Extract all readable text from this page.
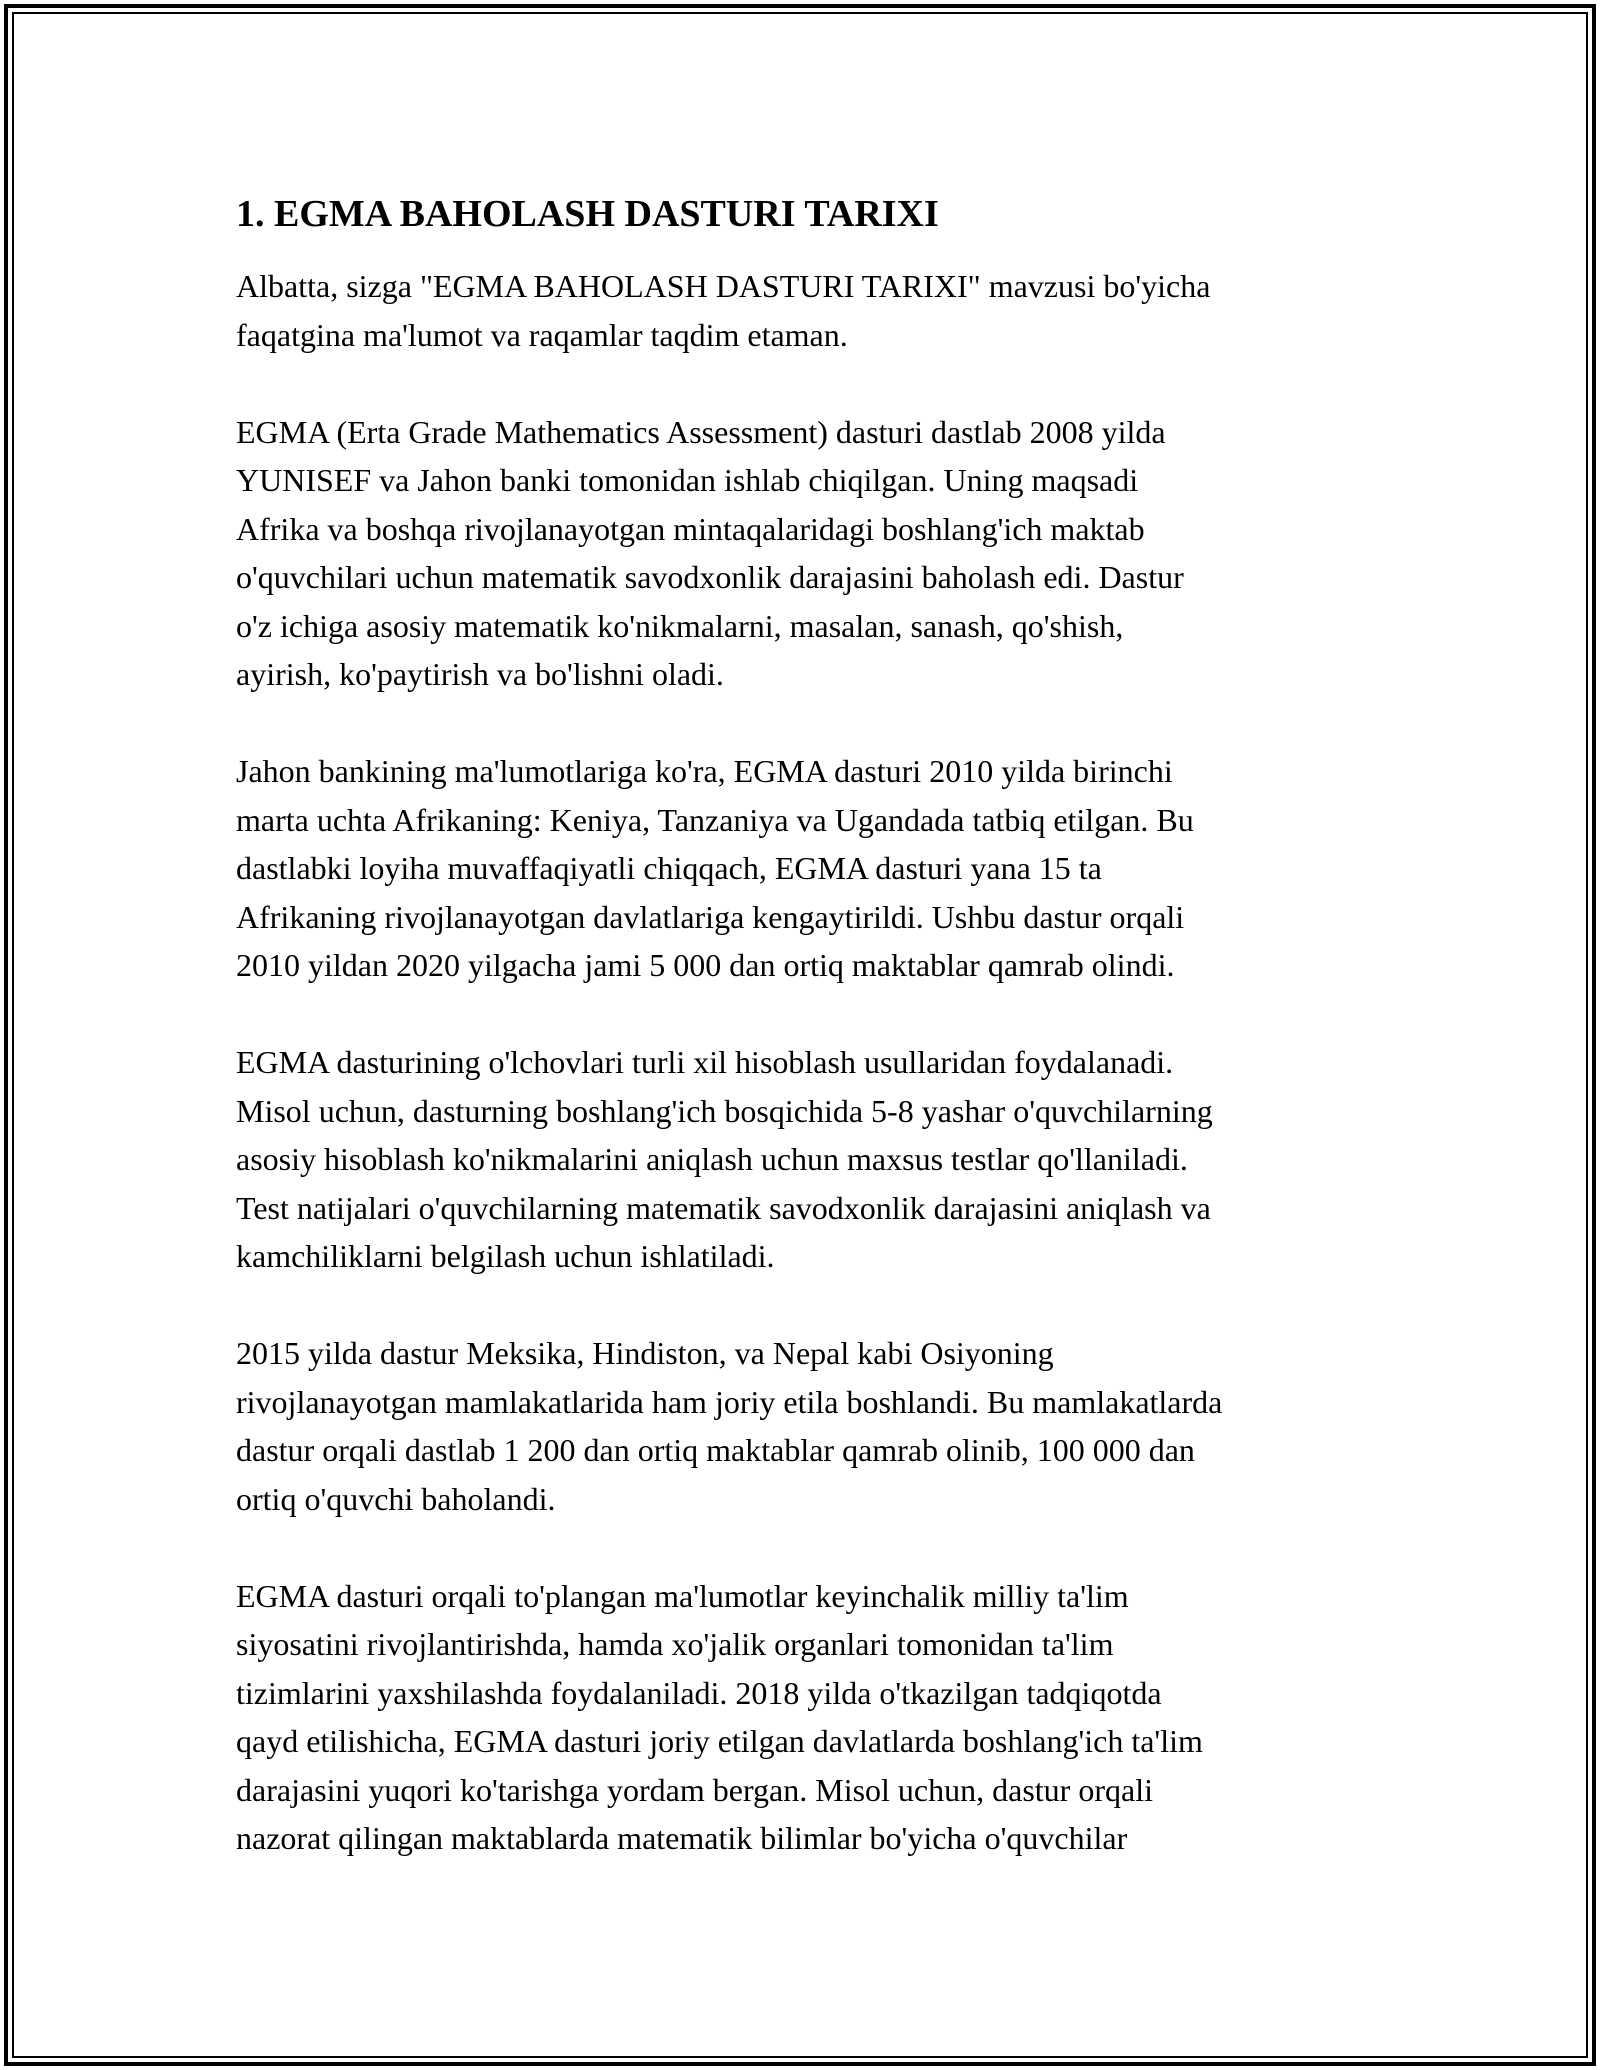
1. EGMA BAHOLASH DASTURI TARIXI

Albatta, sizga "EGMA BAHOLASH DASTURI TARIXI" mavzusi bo'yicha
faqatgina ma'lumot va raqamlar taqdim etaman.

EGMA (Erta Grade Mathematics Assessment) dasturi dastlab 2008 yilda
YUNISEF va Jahon banki tomonidan ishlab chiqilgan. Uning maqsadi
Afrika va boshqa rivojlanayotgan mintaqalaridagi boshlang'ich maktab
o'quvchilari uchun matematik savodxonlik darajasini baholash edi. Dastur
o'z ichiga asosiy matematik ko'nikmalarni, masalan, sanash, qo'shish,
ayirish, ko'paytirish va bo'lishni oladi.

Jahon bankining ma'lumotlariga ko'ra, EGMA dasturi 2010 yilda birinchi
marta uchta Afrikaning: Keniya, Tanzaniya va Ugandada tatbiq etilgan. Bu
dastlabki loyiha muvaffaqiyatli chiqqach, EGMA dasturi yana 15 ta
Afrikaning rivojlanayotgan davlatlariga kengaytirildi. Ushbu dastur orqali
2010 yildan 2020 yilgacha jami 5 000 dan ortiq maktablar qamrab olindi.

EGMA dasturining o'lchovlari turli xil hisoblash usullaridan foydalanadi.
Misol uchun, dasturning boshlang'ich bosqichida 5-8 yashar o'quvchilarning
asosiy hisoblash ko'nikmalarini aniqlash uchun maxsus testlar qo'llaniladi.
Test natijalari o'quvchilarning matematik savodxonlik darajasini aniqlash va
kamchiliklarni belgilash uchun ishlatiladi.

2015 yilda dastur Meksika, Hindiston, va Nepal kabi Osiyoning
rivojlanayotgan mamlakatlarida ham joriy etila boshlandi. Bu mamlakatlarda
dastur orqali dastlab 1 200 dan ortiq maktablar qamrab olinib, 100 000 dan
ortiq o'quvchi baholandi.

EGMA dasturi orqali to'plangan ma'lumotlar keyinchalik milliy ta'lim
siyosatini rivojlantirishda, hamda xo'jalik organlari tomonidan ta'lim
tizimlarini yaxshilashda foydalaniladi. 2018 yilda o'tkazilgan tadqiqotda
qayd etilishicha, EGMA dasturi joriy etilgan davlatlarda boshlang'ich ta'lim
darajasini yuqori ko'tarishga yordam bergan. Misol uchun, dastur orqali
nazorat qilingan maktablarda matematik bilimlar bo'yicha o'quvchilar
